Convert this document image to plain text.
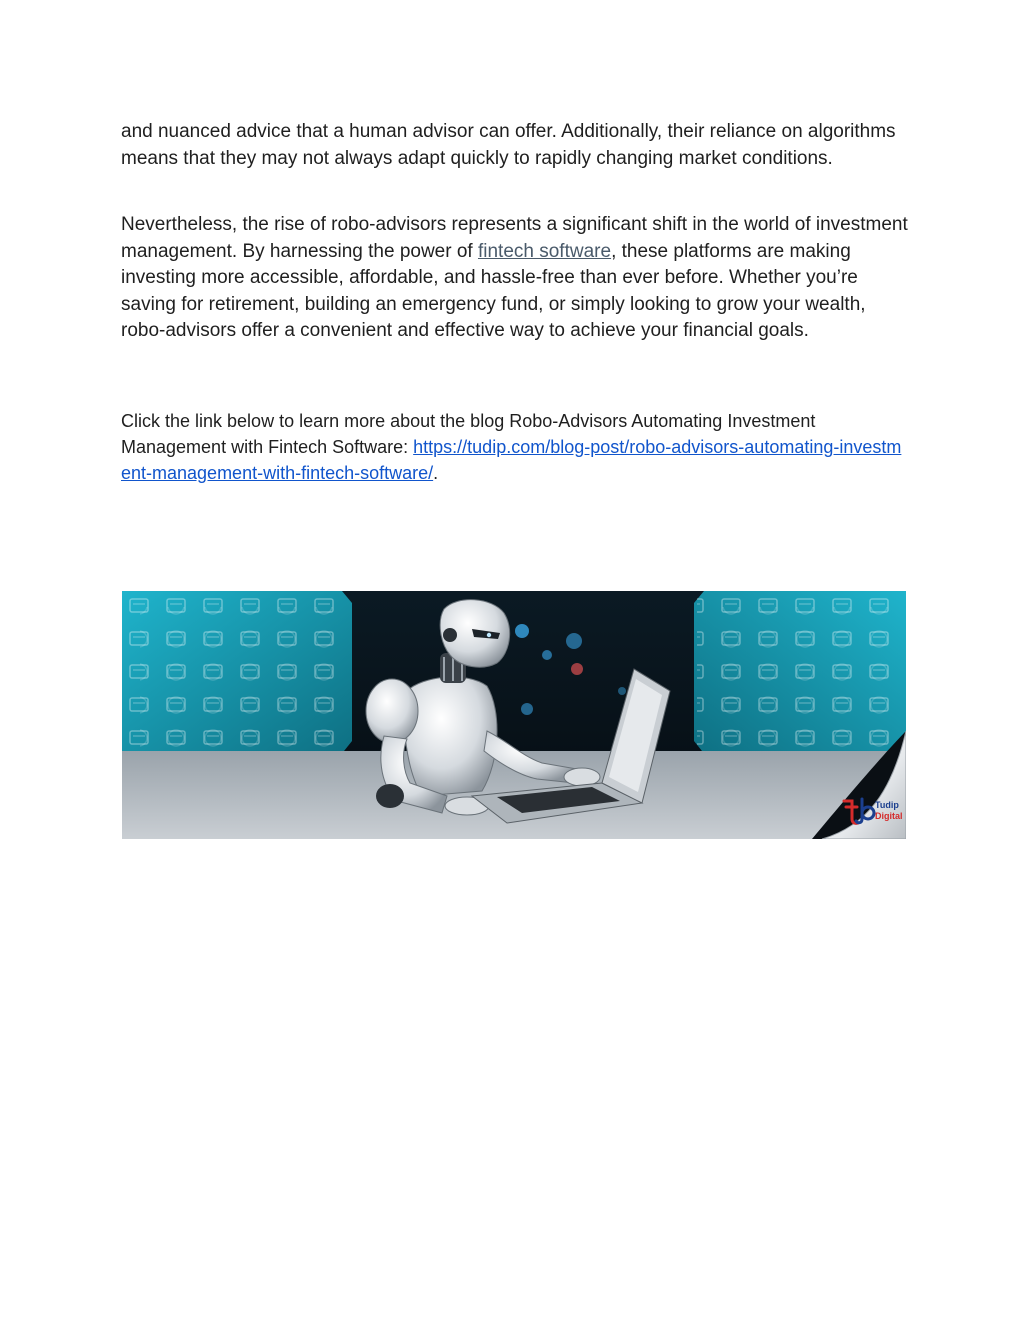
and nuanced advice that a human advisor can offer. Additionally, their reliance on algorithms means that they may not always adapt quickly to rapidly changing market conditions.

Nevertheless, the rise of robo-advisors represents a significant shift in the world of investment management. By harnessing the power of fintech software, these platforms are making investing more accessible, affordable, and hassle-free than ever before. Whether you’re saving for retirement, building an emergency fund, or simply looking to grow your wealth, robo-advisors offer a convenient and effective way to achieve your financial goals.

Click the link below to learn more about the blog Robo-Advisors Automating Investment Management with Fintech Software: https://tudip.com/blog-post/robo-advisors-automating-investment-management-with-fintech-software/.

Tudip
Digital
